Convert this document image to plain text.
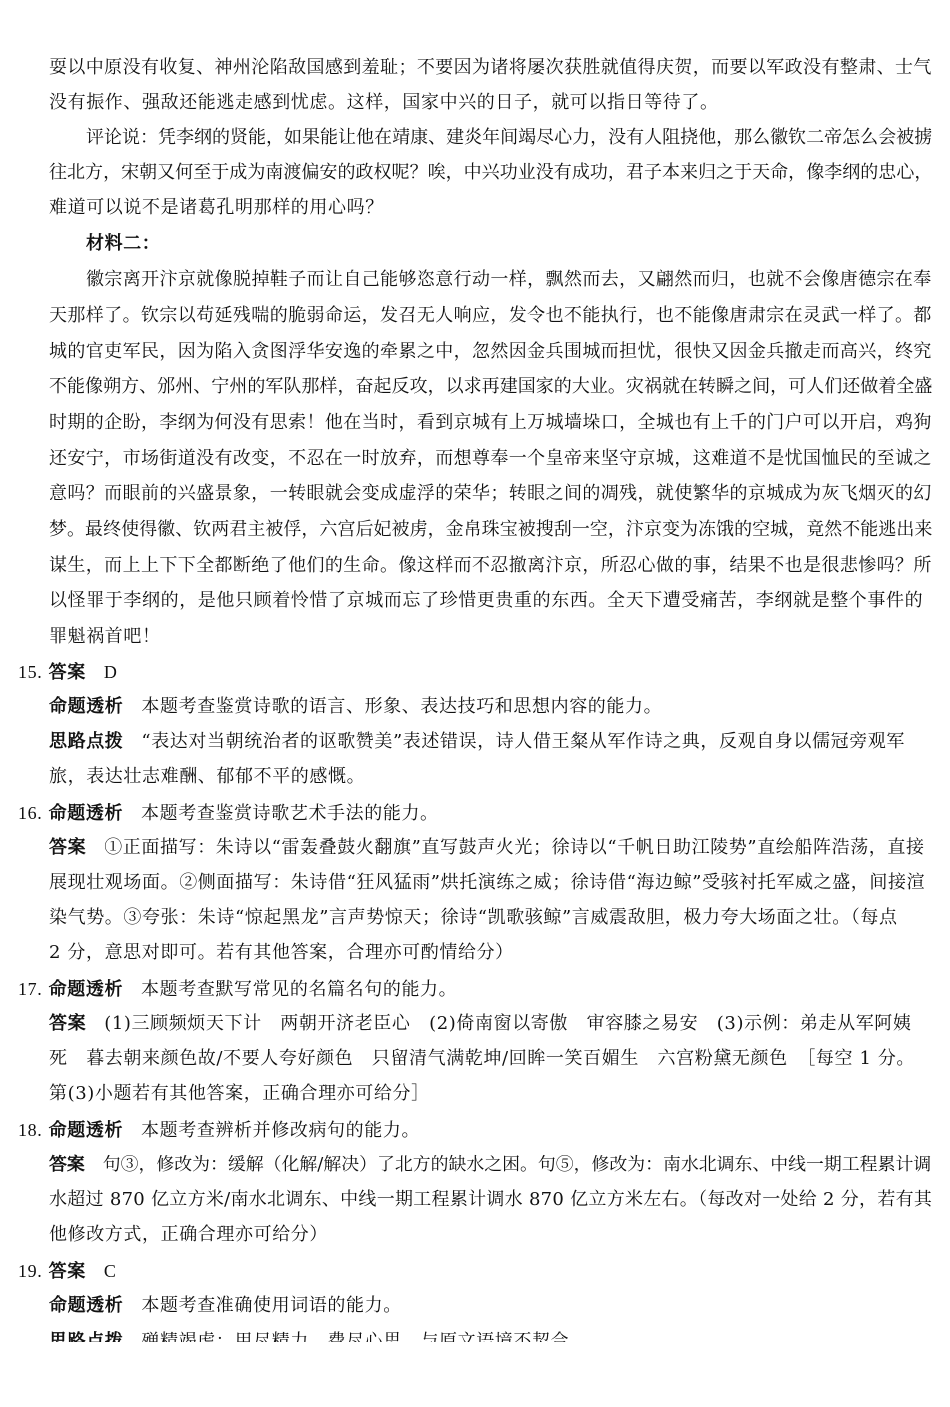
耍以中原没有收复、神州沦陷敌国感到羞耻；不要因为诸将屡次获胜就值得庆贺，而要以军政没有整肃、士气
没有振作、强敌还能逃走感到忧虑。这样，国家中兴的日子，就可以指日等待了。
评论说：凭李纲的贤能，如果能让他在靖康、建炎年间竭尽心力，没有人阻挠他，那么徽钦二帝怎么会被掳
往北方，宋朝又何至于成为南渡偏安的政权呢？唉，中兴功业没有成功，君子本来归之于天命，像李纲的忠心，
难道可以说不是诸葛孔明那样的用心吗？
材料二：
徽宗离开汴京就像脱掉鞋子而让自己能够恣意行动一样，飘然而去，又翩然而归，也就不会像唐德宗在奉
天那样了。钦宗以苟延残喘的脆弱命运，发召无人响应，发令也不能执行，也不能像唐肃宗在灵武一样了。都
城的官吏军民，因为陷入贪图浮华安逸的牵累之中，忽然因金兵围城而担忧，很快又因金兵撤走而高兴，终究
不能像朔方、邠州、宁州的军队那样，奋起反攻，以求再建国家的大业。灾祸就在转瞬之间，可人们还做着全盛
时期的企盼，李纲为何没有思索！他在当时，看到京城有上万城墙垛口，全城也有上千的门户可以开启，鸡狗
还安宁，市场街道没有改变，不忍在一时放弃，而想尊奉一个皇帝来坚守京城，这难道不是忧国恤民的至诚之
意吗？而眼前的兴盛景象，一转眼就会变成虚浮的荣华；转眼之间的凋残，就使繁华的京城成为灰飞烟灭的幻
梦。最终使得徽、钦两君主被俘，六宫后妃被虏，金帛珠宝被搜刮一空，汴京变为冻饿的空城，竟然不能逃出来
谋生，而上上下下全都断绝了他们的生命。像这样而不忍撤离汴京，所忍心做的事，结果不也是很悲惨吗？所
以怪罪于李纲的，是他只顾着怜惜了京城而忘了珍惜更贵重的东西。全天下遭受痛苦，李纲就是整个事件的
罪魁祸首吧！
15. 答案 D
命题透析 本题考查鉴赏诗歌的语言、形象、表达技巧和思想内容的能力。
思路点拨 “表达对当朝统治者的讴歌赞美”表述错误，诗人借王粲从军作诗之典，反观自身以儒冠旁观军
旅，表达壮志难酬、郁郁不平的感慨。
16. 命题透析 本题考查鉴赏诗歌艺术手法的能力。
答案 ①正面描写：朱诗以“雷轰叠鼓火翻旗”直写鼓声火光；徐诗以“千帆日助江陵势”直绘船阵浩荡，直接
展现壮观场面。②侧面描写：朱诗借“狂风猛雨”烘托演练之威；徐诗借“海边鲸”受骇衬托军威之盛，间接渲
染气势。③夸张：朱诗“惊起黑龙”言声势惊天；徐诗“凯歌骇鲸”言威震敌胆，极力夸大场面之壮。（每点
2 分，意思对即可。若有其他答案，合理亦可酌情给分）
17. 命题透析 本题考查默写常见的名篇名句的能力。
答案 (1)三顾频烦天下计　两朝开济老臣心　(2)倚南窗以寄傲　审容膝之易安　(3)示例：弟走从军阿姨
死　暮去朝来颜色故/不要人夸好颜色　只留清气满乾坤/回眸一笑百媚生　六宫粉黛无颜色　［每空 1 分。
第(3)小题若有其他答案，正确合理亦可给分］
18. 命题透析 本题考查辨析并修改病句的能力。
答案 句③，修改为：缓解（化解/解决）了北方的缺水之困。句⑤，修改为：南水北调东、中线一期工程累计调
水超过 870 亿立方米/南水北调东、中线一期工程累计调水 870 亿立方米左右。（每改对一处给 2 分，若有其
他修改方式，正确合理亦可给分）
19. 答案 C
命题透析 本题考查准确使用词语的能力。
